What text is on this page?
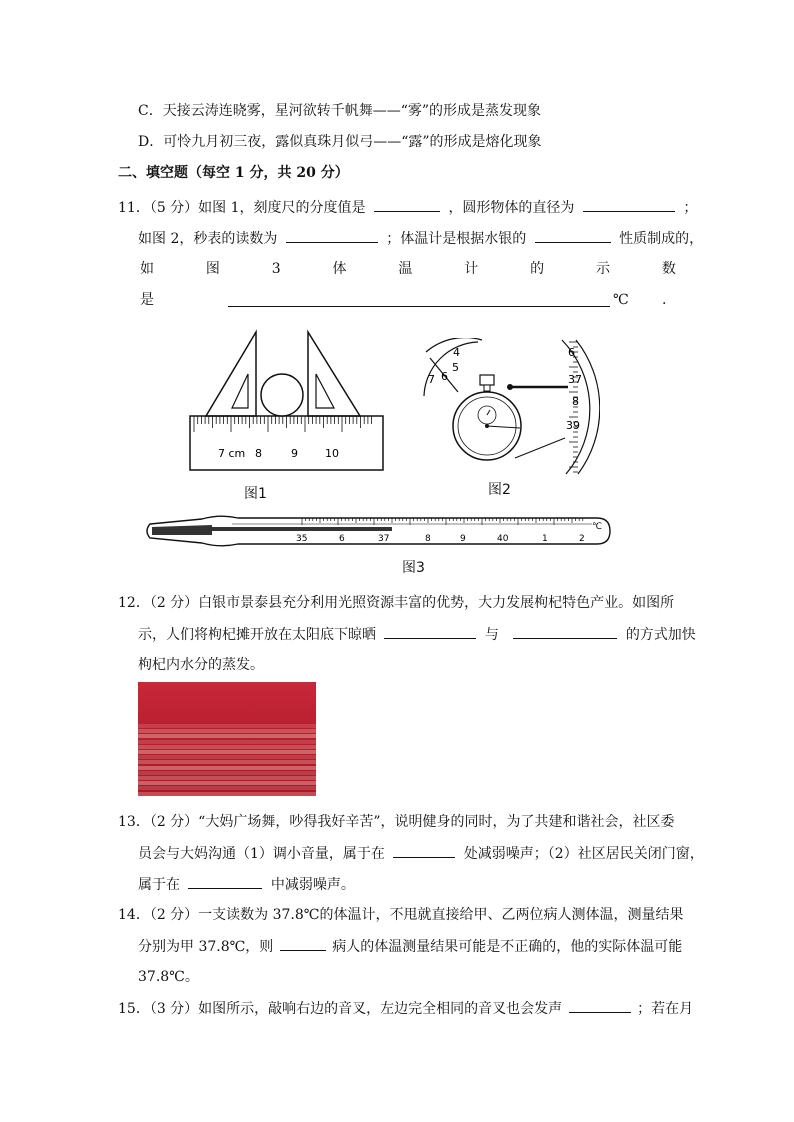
C．天接云涛连晓雾，星河欲转千帆舞——“雾”的形成是蒸发现象
D．可怜九月初三夜，露似真珠月似弓——“露”的形成是熔化现象
二、填空题（每空 1 分，共 20 分）
11．（5 分）如图 1，刻度尺的分度值是	，圆形物体的直径为	；
如图 2，秒表的读数为	；体温计是根据水银的	性质制成的，
如	图	3	体	温	计	的	示	数
是	℃ .
7 cm 8	9 10
图1
4
5
6
7
6
37
8
39
图2
35	6	37	8	9	40	1	2
℃
图3
12．（2 分）白银市景泰县充分利用光照资源丰富的优势，大力发展枸杞特色产业。如图所
示，人们将枸杞摊开放在太阳底下晾晒	与	的方式加快
枸杞内水分的蒸发。
13．（2 分）“大妈广场舞，吵得我好辛苦”，说明健身的同时，为了共建和谐社会，社区委
员会与大妈沟通（1）调小音量，属于在	处减弱噪声；（2）社区居民关闭门窗，
属于在	中减弱噪声。
14．（2 分）一支读数为 37.8℃的体温计，不甩就直接给甲、乙两位病人测体温，测量结果
分别为甲 37.8℃，则	病人的体温测量结果可能是不正确的，他的实际体温可能
37.8℃。
15．（3 分）如图所示，敲响右边的音叉，左边完全相同的音叉也会发声	；若在月
